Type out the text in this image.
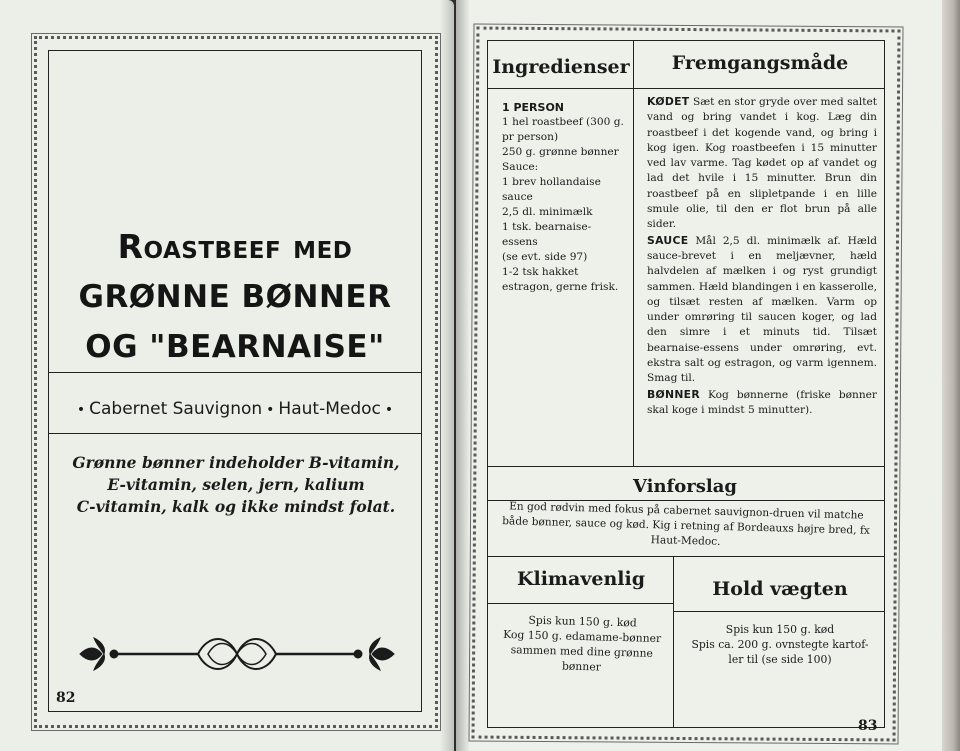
Roastbeef med
GRØNNE BØNNER
OG "BEARNAISE"
• Cabernet Sauvignon • Haut-Medoc •
Grønne bønner indeholder B-vitamin,
E-vitamin, selen, jern, kalium
C-vitamin, kalk og ikke mindst folat.
82
Ingredienser	Fremgangsmåde
1 PERSON
1 hel roastbeef (300 g.
pr person)
250 g. grønne bønner
Sauce:
1 brev hollandaise
sauce
2,5 dl. minimælk
1 tsk. bearnaise-essens
(se evt. side 97)
1-2 tsk hakket
estragon, gerne frisk.

KØDET Sæt en stor gryde over med saltet vand og bring vandet i kog. Læg din roastbeef i det kogende vand, og bring i kog igen. Kog roastbeefen i 15 minutter ved lav varme. Tag kødet op af vandet og lad det hvile i 15 minutter. Brun din roastbeef på en slipletpande i en lille smule olie, til den er flot brun på alle sider.

SAUCE Mål 2,5 dl. minimælk af. Hæld sauce-brevet i en meljævner, hæld halvdelen af mælken i og ryst grundigt sammen. Hæld blandingen i en kasserolle, og tilsæt resten af mælken. Varm op under omrøring til saucen koger, og lad den simre i et minuts tid. Tilsæt bearnaise-essens under omrøring, evt. ekstra salt og estragon, og varm igennem. Smag til.

BØNNER Kog bønnerne (friske bønner skal koge i mindst 5 minutter).

Vinforslag
En god rødvin med fokus på cabernet sauvignon-druen vil matche både bønner, sauce og kød. Kig i retning af Bordeauxs højre bred, fx Haut-Medoc.
Klimavenlig	Hold vægten
Spis kun 150 g. kød
Kog 150 g. edamame-bønner
sammen med dine grønne
bønner
Spis kun 150 g. kød
Spis ca. 200 g. ovnstegte kartof-
ler til (se side 100)
83
